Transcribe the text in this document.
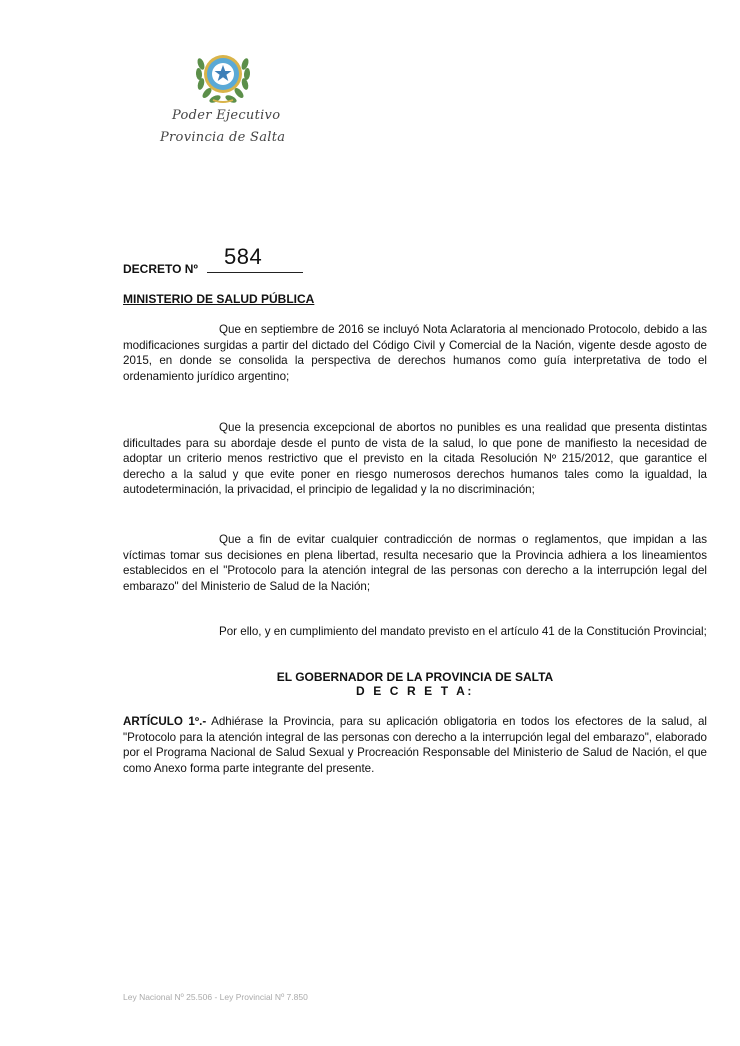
Poder Ejecutivo
Provincia de Salta
DECRETO Nº 584
MINISTERIO DE SALUD PÚBLICA

Que en septiembre de 2016 se incluyó Nota Aclaratoria al mencionado Protocolo, debido a las modificaciones surgidas a partir del dictado del Código Civil y Comercial de la Nación, vigente desde agosto de 2015, en donde se consolida la perspectiva de derechos humanos como guía interpretativa de todo el ordenamiento jurídico argentino;

Que la presencia excepcional de abortos no punibles es una realidad que presenta distintas dificultades para su abordaje desde el punto de vista de la salud, lo que pone de manifiesto la necesidad de adoptar un criterio menos restrictivo que el previsto en la citada Resolución Nº 215/2012, que garantice el derecho a la salud y que evite poner en riesgo numerosos derechos humanos tales como la igualdad, la autodeterminación, la privacidad, el principio de legalidad y la no discriminación;

Que a fin de evitar cualquier contradicción de normas o reglamentos, que impidan a las víctimas tomar sus decisiones en plena libertad, resulta necesario que la Provincia adhiera a los lineamientos establecidos en el "Protocolo para la atención integral de las personas con derecho a la interrupción legal del embarazo" del Ministerio de Salud de la Nación;

Por ello, y en cumplimiento del mandato previsto en el artículo 41 de la Constitución Provincial;

EL GOBERNADOR DE LA PROVINCIA DE SALTA
D E C R E T A:

ARTÍCULO 1º.- Adhiérase la Provincia, para su aplicación obligatoria en todos los efectores de la salud, al "Protocolo para la atención integral de las personas con derecho a la interrupción legal del embarazo", elaborado por el Programa Nacional de Salud Sexual y Procreación Responsable del Ministerio de Salud de Nación, el que como Anexo forma parte integrante del presente.

Ley Nacional Nº 25.506 - Ley Provincial Nº 7.850
